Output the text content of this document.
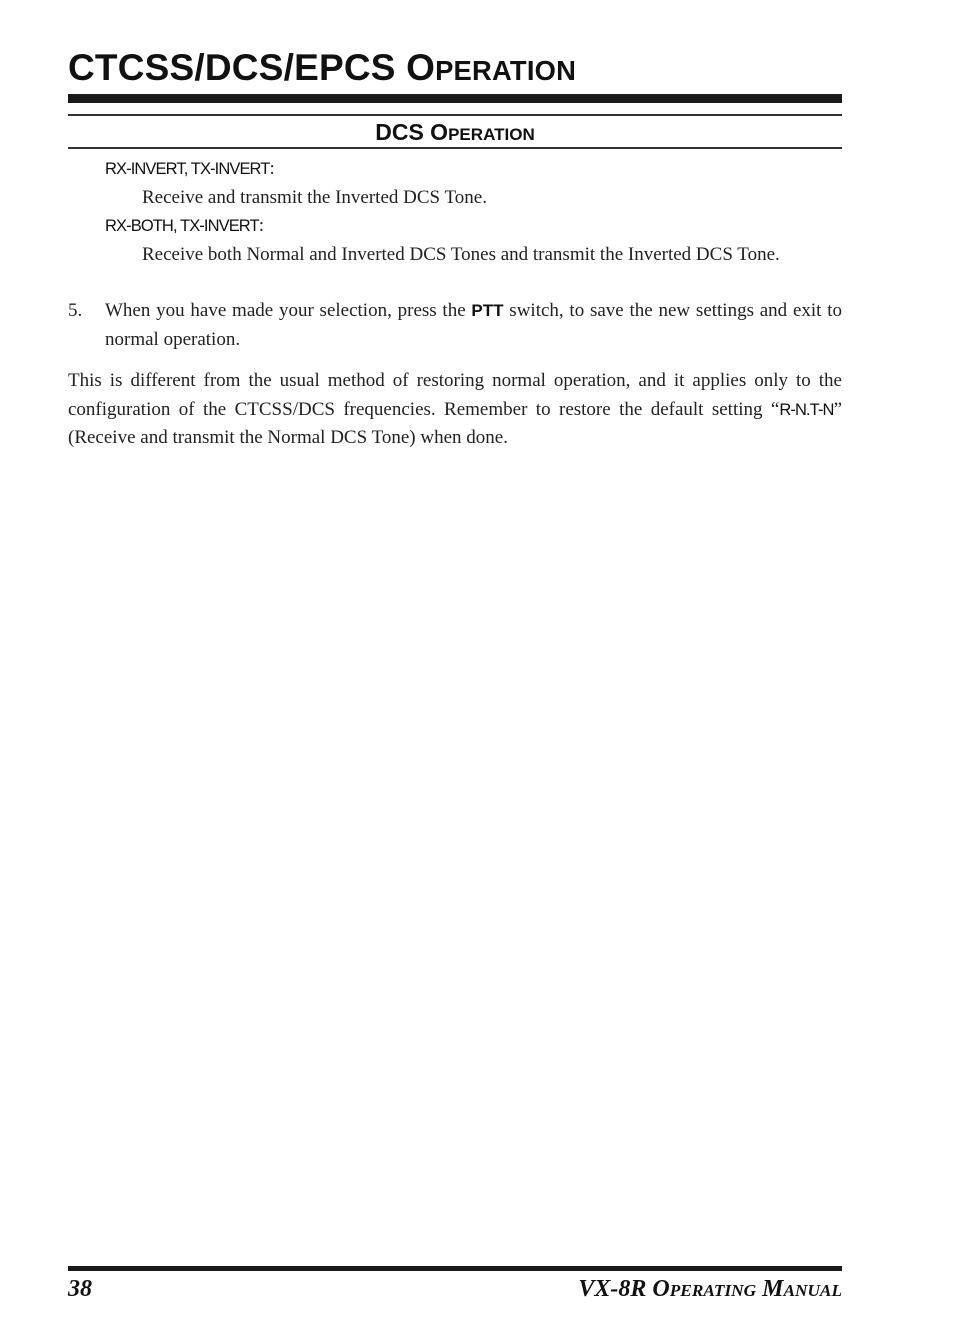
CTCSS/DCS/EPCS OPERATION
DCS OPERATION

RX-INVERT, TX-INVERT:

Receive and transmit the Inverted DCS Tone.

RX-BOTH, TX-INVERT:

Receive both Normal and Inverted DCS Tones and transmit the Inverted DCS Tone.

5. When you have made your selection, press the PTT switch, to save the new settings and exit to normal operation.

This is different from the usual method of restoring normal operation, and it applies only to the configuration of the CTCSS/DCS frequencies. Remember to restore the default setting “R-N.T-N” (Receive and transmit the Normal DCS Tone) when done.

38	VX-8R OPERATING MANUAL
